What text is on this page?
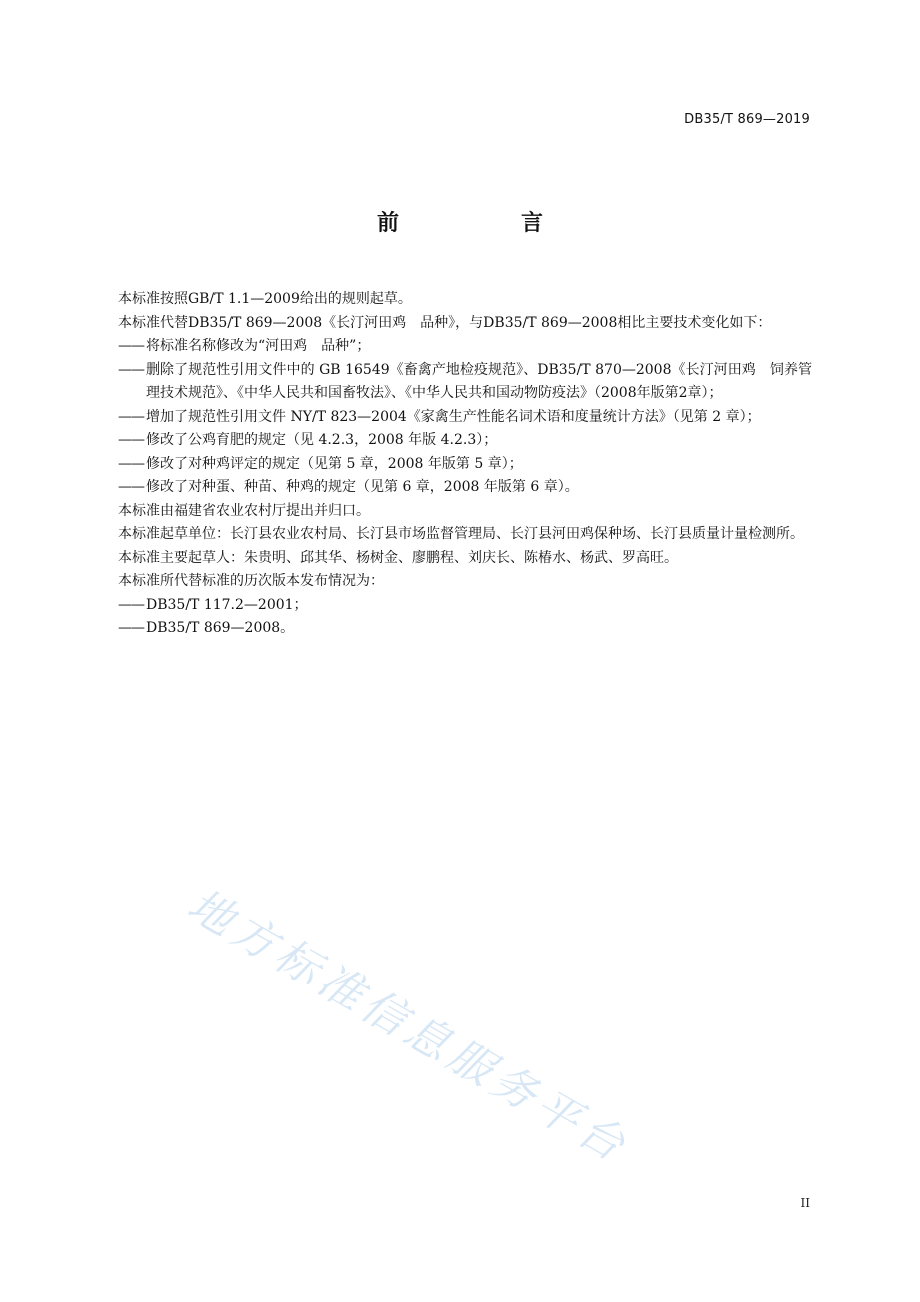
DB35/T 869—2019
前　言

本标准按照GB/T 1.1—2009给出的规则起草。

本标准代替DB35/T 869—2008《长汀河田鸡　品种》，与DB35/T 869—2008相比主要技术变化如下：

—— 将标准名称修改为“河田鸡　品种”；

—— 删除了规范性引用文件中的 GB 16549《畜禽产地检疫规范》、DB35/T 870—2008《长汀河田鸡　饲养管理技术规范》、《中华人民共和国畜牧法》、《中华人民共和国动物防疫法》（2008年版第2章）；

—— 增加了规范性引用文件 NY/T 823—2004《家禽生产性能名词术语和度量统计方法》（见第 2 章）；

—— 修改了公鸡育肥的规定（见 4.2.3，2008 年版 4.2.3）；

—— 修改了对种鸡评定的规定（见第 5 章，2008 年版第 5 章）；

—— 修改了对种蛋、种苗、种鸡的规定（见第 6 章，2008 年版第 6 章）。

本标准由福建省农业农村厅提出并归口。

本标准起草单位：长汀县农业农村局、长汀县市场监督管理局、长汀县河田鸡保种场、长汀县质量计量检测所。

本标准主要起草人：朱贵明、邱其华、杨树金、廖鹏程、刘庆长、陈椿水、杨武、罗高旺。

本标准所代替标准的历次版本发布情况为：

—— DB35/T 117.2—2001；

—— DB35/T 869—2008。

地方标准信息服务平台
II
